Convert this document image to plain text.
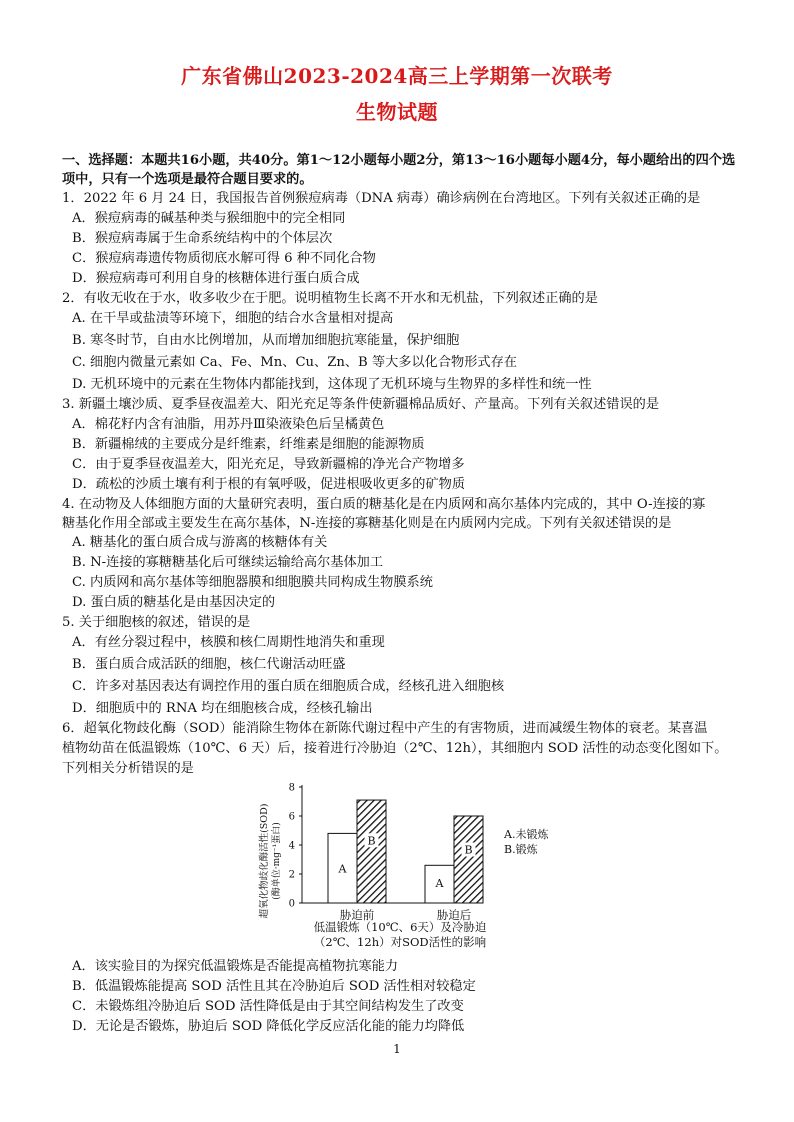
广东省佛山2023-2024高三上学期第一次联考
生物试题
一、选择题：本题共16小题，共40分。第1～12小题每小题2分，第13～16小题每小题4分，每小题给出的四个选
项中，只有一个选项是最符合题目要求的。
1．2022 年 6 月 24 日，我国报告首例猴痘病毒（DNA 病毒）确诊病例在台湾地区。下列有关叙述正确的是
A．猴痘病毒的碱基种类与猴细胞中的完全相同
B．猴痘病毒属于生命系统结构中的个体层次
C．猴痘病毒遗传物质彻底水解可得 6 种不同化合物
D．猴痘病毒可利用自身的核糖体进行蛋白质合成
2．有收无收在于水，收多收少在于肥。说明植物生长离不开水和无机盐，下列叙述正确的是
A. 在干旱或盐渍等环境下，细胞的结合水含量相对提高
B. 寒冬时节，自由水比例增加，从而增加细胞抗寒能量，保护细胞
C. 细胞内微量元素如 Ca、Fe、Mn、Cu、Zn、B 等大多以化合物形式存在
D. 无机环境中的元素在生物体内都能找到，这体现了无机环境与生物界的多样性和统一性
3. 新疆土壤沙质、夏季昼夜温差大、阳光充足等条件使新疆棉品质好、产量高。下列有关叙述错误的是
A．棉花籽内含有油脂，用苏丹Ⅲ染液染色后呈橘黄色
B．新疆棉绒的主要成分是纤维素，纤维素是细胞的能源物质
C．由于夏季昼夜温差大，阳光充足，导致新疆棉的净光合产物增多
D．疏松的沙质土壤有利于根的有氧呼吸，促进根吸收更多的矿物质
4. 在动物及人体细胞方面的大量研究表明，蛋白质的糖基化是在内质网和高尔基体内完成的，其中 O-连接的寡
糖基化作用全部或主要发生在高尔基体，N-连接的寡糖基化则是在内质网内完成。下列有关叙述错误的是
A. 糖基化的蛋白质合成与游离的核糖体有关
B. N-连接的寡糖糖基化后可继续运输给高尔基体加工
C. 内质网和高尔基体等细胞器膜和细胞膜共同构成生物膜系统
D. 蛋白质的糖基化是由基因决定的
5. 关于细胞核的叙述，错误的是
A．有丝分裂过程中，核膜和核仁周期性地消失和重现
B．蛋白质合成活跃的细胞，核仁代谢活动旺盛
C．许多对基因表达有调控作用的蛋白质在细胞质合成，经核孔进入细胞核
D．细胞质中的 RNA 均在细胞核合成，经核孔输出
6．超氧化物歧化酶（SOD）能消除生物体在新陈代谢过程中产生的有害物质，进而减缓生物体的衰老。某喜温
植物幼苗在低温锻炼（10℃、6 天）后，接着进行冷胁迫（2℃、12h），其细胞内 SOD 活性的动态变化图如下。
下列相关分析错误的是
超氧化物歧化酶活性(SOD) (酶单位·mg⁻¹蛋白)
0
2
4
6
8
A
B
胁迫前
A
B
胁迫后
A.未锻炼
B.锻炼
低温锻炼（10℃、6天）及冷胁迫
（2℃、12h）对SOD活性的影响
A．该实验目的为探究低温锻炼是否能提高植物抗寒能力
B．低温锻炼能提高 SOD 活性且其在冷胁迫后 SOD 活性相对较稳定
C．未锻炼组冷胁迫后 SOD 活性降低是由于其空间结构发生了改变
D．无论是否锻炼，胁迫后 SOD 降低化学反应活化能的能力均降低
1
